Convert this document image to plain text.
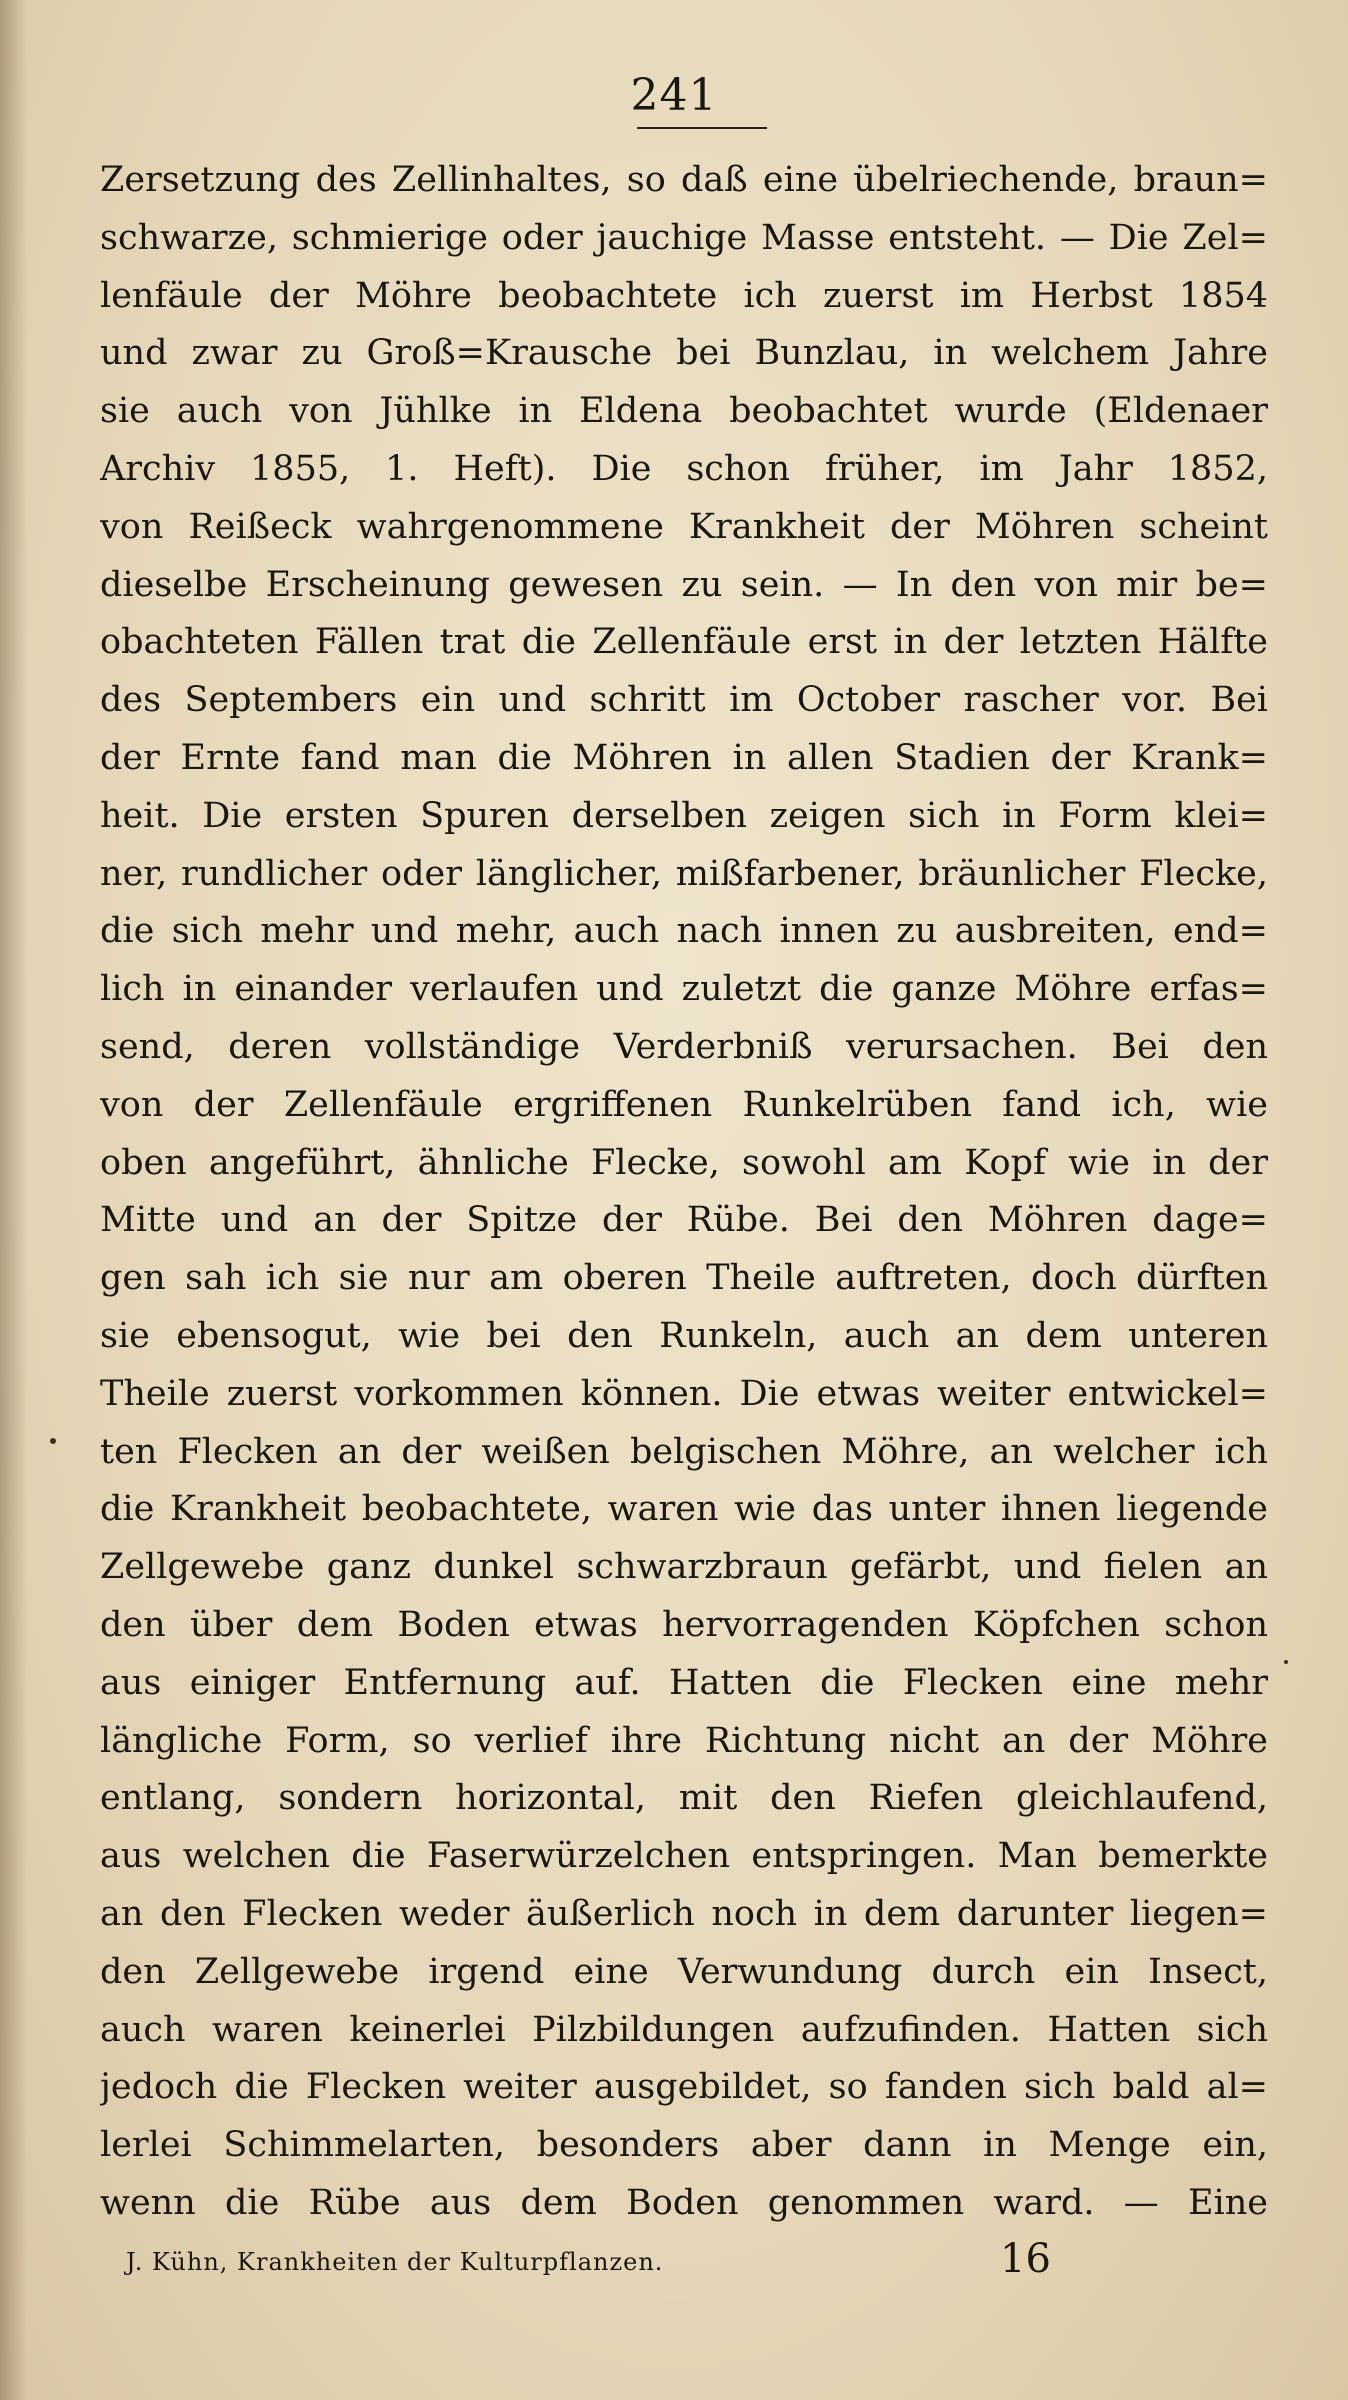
241
Zersetzung des Zellinhaltes, so daß eine übelriechende, braun=
schwarze, schmierige oder jauchige Masse entsteht. — Die Zel=
lenfäule der Möhre beobachtete ich zuerst im Herbst 1854
und zwar zu Groß=Krausche bei Bunzlau, in welchem Jahre
sie auch von Jühlke in Eldena beobachtet wurde (Eldenaer
Archiv 1855, 1. Heft). Die schon früher, im Jahr 1852,
von Reißeck wahrgenommene Krankheit der Möhren scheint
dieselbe Erscheinung gewesen zu sein. — In den von mir be=
obachteten Fällen trat die Zellenfäule erst in der letzten Hälfte
des Septembers ein und schritt im October rascher vor. Bei
der Ernte fand man die Möhren in allen Stadien der Krank=
heit. Die ersten Spuren derselben zeigen sich in Form klei=
ner, rundlicher oder länglicher, mißfarbener, bräunlicher Flecke,
die sich mehr und mehr, auch nach innen zu ausbreiten, end=
lich in einander verlaufen und zuletzt die ganze Möhre erfas=
send, deren vollständige Verderbniß verursachen. Bei den
von der Zellenfäule ergriffenen Runkelrüben fand ich, wie
oben angeführt, ähnliche Flecke, sowohl am Kopf wie in der
Mitte und an der Spitze der Rübe. Bei den Möhren dage=
gen sah ich sie nur am oberen Theile auftreten, doch dürften
sie ebensogut, wie bei den Runkeln, auch an dem unteren
Theile zuerst vorkommen können. Die etwas weiter entwickel=
ten Flecken an der weißen belgischen Möhre, an welcher ich
die Krankheit beobachtete, waren wie das unter ihnen liegende
Zellgewebe ganz dunkel schwarzbraun gefärbt, und fielen an
den über dem Boden etwas hervorragenden Köpfchen schon
aus einiger Entfernung auf. Hatten die Flecken eine mehr
längliche Form, so verlief ihre Richtung nicht an der Möhre
entlang, sondern horizontal, mit den Riefen gleichlaufend,
aus welchen die Faserwürzelchen entspringen. Man bemerkte
an den Flecken weder äußerlich noch in dem darunter liegen=
den Zellgewebe irgend eine Verwundung durch ein Insect,
auch waren keinerlei Pilzbildungen aufzufinden. Hatten sich
jedoch die Flecken weiter ausgebildet, so fanden sich bald al=
lerlei Schimmelarten, besonders aber dann in Menge ein,
wenn die Rübe aus dem Boden genommen ward. — Eine
J. Kühn, Krankheiten der Kulturpflanzen.	16
